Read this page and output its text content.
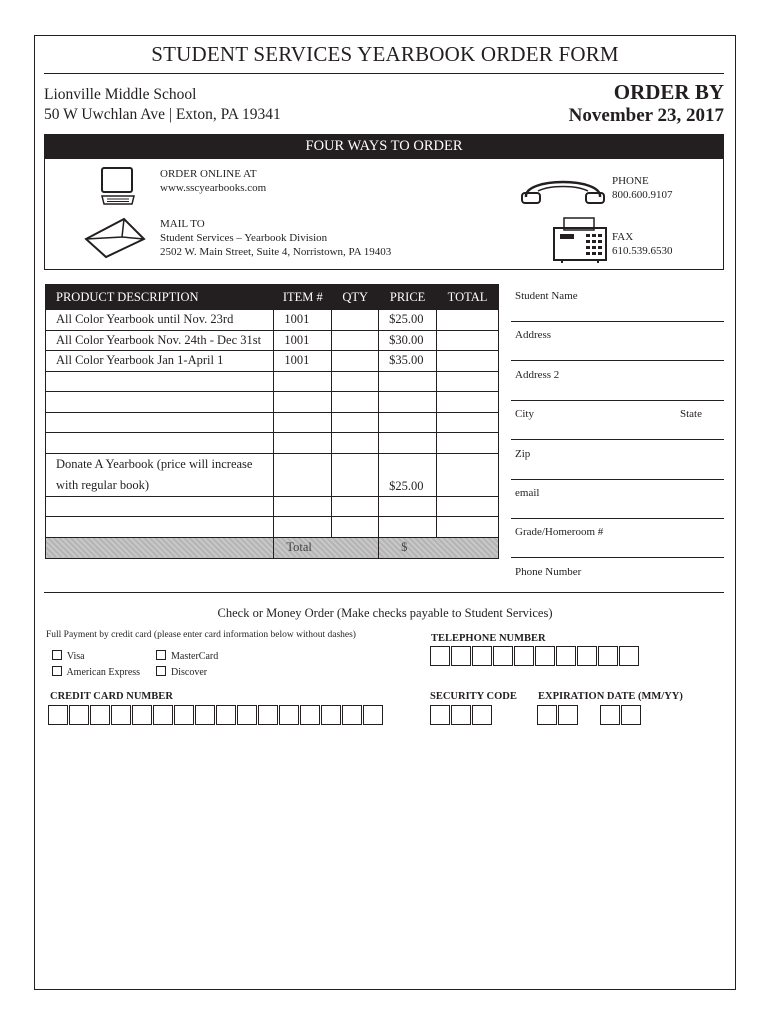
STUDENT SERVICES YEARBOOK ORDER FORM
Lionville Middle School
50 W Uwchlan Ave | Exton, PA 19341
ORDER BY
November 23, 2017
FOUR WAYS TO ORDER
ORDER ONLINE AT
www.sscyearbooks.com
MAIL TO
Student Services – Yearbook Division
2502 W. Main Street, Suite 4, Norristown, PA 19403
PHONE
800.600.9107
FAX
610.539.6530
PRODUCT DESCRIPTION	ITEM #	QTY	PRICE	TOTAL
All Color Yearbook until Nov. 23rd	1001		$25.00	
All Color Yearbook Nov. 24th - Dec 31st	1001		$30.00	
All Color Yearbook Jan 1-April 1	1001		$35.00	

Donate A Yearbook (price will increase
with regular book)			$25.00	

	Total		$	
Student Name
Address
Address 2
City	State
Zip
email
Grade/Homeroom #
Phone Number
Check or Money Order (Make checks payable to Student Services)
Full Payment by credit card (please enter card information below without dashes)
Visa
American Express
MasterCard
Discover
TELEPHONE NUMBER
CREDIT CARD NUMBER	SECURITY CODE EXPIRATION DATE (MM/YY)
